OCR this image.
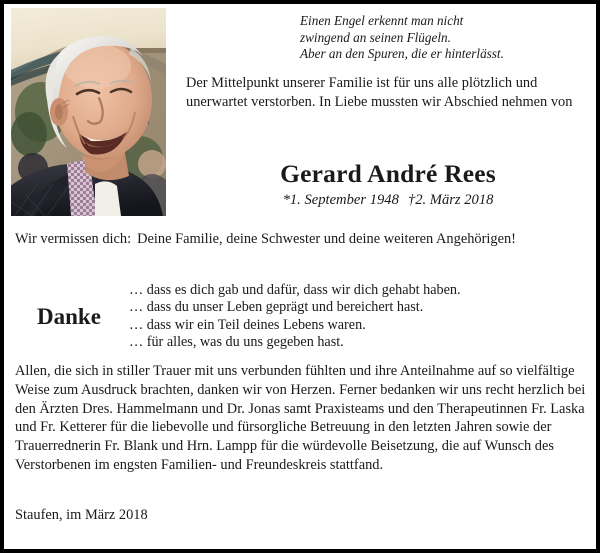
Einen Engel erkennt man nicht
zwingend an seinen Flügeln.
Aber an den Spuren, die er hinterlässt.
Der Mittelpunkt unserer Familie ist für uns alle plötzlich und unerwartet verstorben. In Liebe mussten wir Abschied nehmen von
Gerard André Rees
*1. September 1948 †2. März 2018
Wir vermissen dich: Deine Familie, deine Schwester und deine weiteren Angehörigen!
Danke
… dass es dich gab und dafür, dass wir dich gehabt haben.
… dass du unser Leben geprägt und bereichert hast.
… dass wir ein Teil deines Lebens waren.
… für alles, was du uns gegeben hast.
Allen, die sich in stiller Trauer mit uns verbunden fühlten und ihre Anteilnahme auf so vielfältige Weise zum Ausdruck brachten, danken wir von Herzen. Ferner bedanken wir uns recht herzlich bei den Ärzten Dres. Hammelmann und Dr. Jonas samt Praxisteams und den Therapeutinnen Fr. Laska und Fr. Ketterer für die liebevolle und fürsorgliche Betreuung in den letzten Jahren sowie der Trauerrednerin Fr. Blank und Hrn. Lampp für die würdevolle Beisetzung, die auf Wunsch des Verstorbenen im engsten Familien- und Freundeskreis stattfand.
Staufen, im März 2018
